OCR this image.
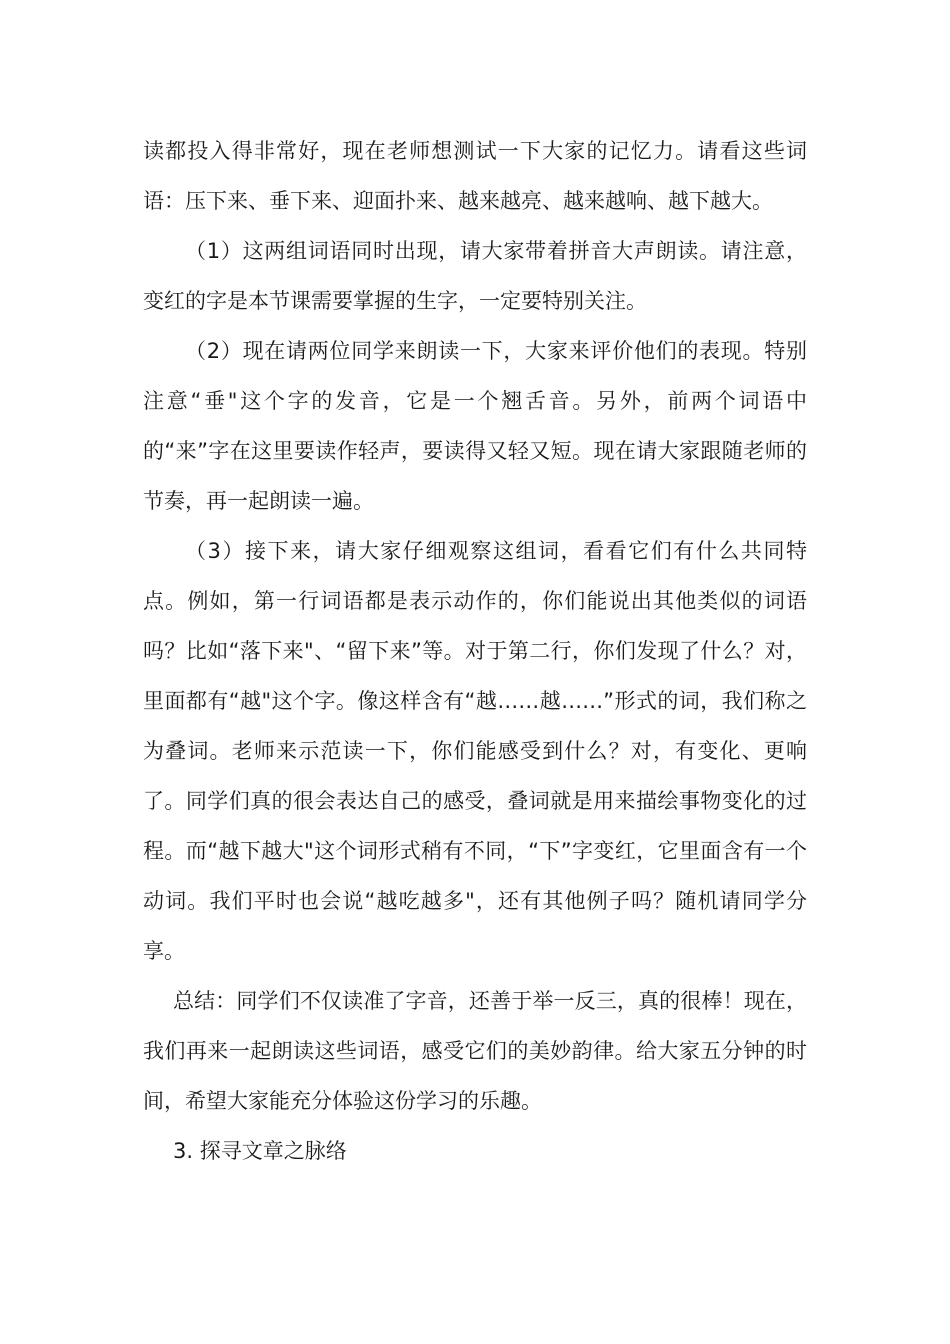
读都投入得非常好，现在老师想测试一下大家的记忆力。请看这些词语：压下来、垂下来、迎面扑来、越来越亮、越来越响、越下越大。

（1）这两组词语同时出现，请大家带着拼音大声朗读。请注意，变红的字是本节课需要掌握的生字，一定要特别关注。

（2）现在请两位同学来朗读一下，大家来评价他们的表现。特别注意“垂"这个字的发音，它是一个翘舌音。另外，前两个词语中的“来”字在这里要读作轻声，要读得又轻又短。现在请大家跟随老师的节奏，再一起朗读一遍。

（3）接下来，请大家仔细观察这组词，看看它们有什么共同特点。例如，第一行词语都是表示动作的，你们能说出其他类似的词语吗？比如“落下来"、“留下来”等。对于第二行，你们发现了什么？对，里面都有“越"这个字。像这样含有“越……越……”形式的词，我们称之为叠词。老师来示范读一下，你们能感受到什么？对，有变化、更响了。同学们真的很会表达自己的感受，叠词就是用来描绘事物变化的过程。而“越下越大"这个词形式稍有不同，“下”字变红，它里面含有一个动词。我们平时也会说“越吃越多"，还有其他例子吗？随机请同学分享。

总结：同学们不仅读准了字音，还善于举一反三，真的很棒！现在，我们再来一起朗读这些词语，感受它们的美妙韵律。给大家五分钟的时间，希望大家能充分体验这份学习的乐趣。

3. 探寻文章之脉络
